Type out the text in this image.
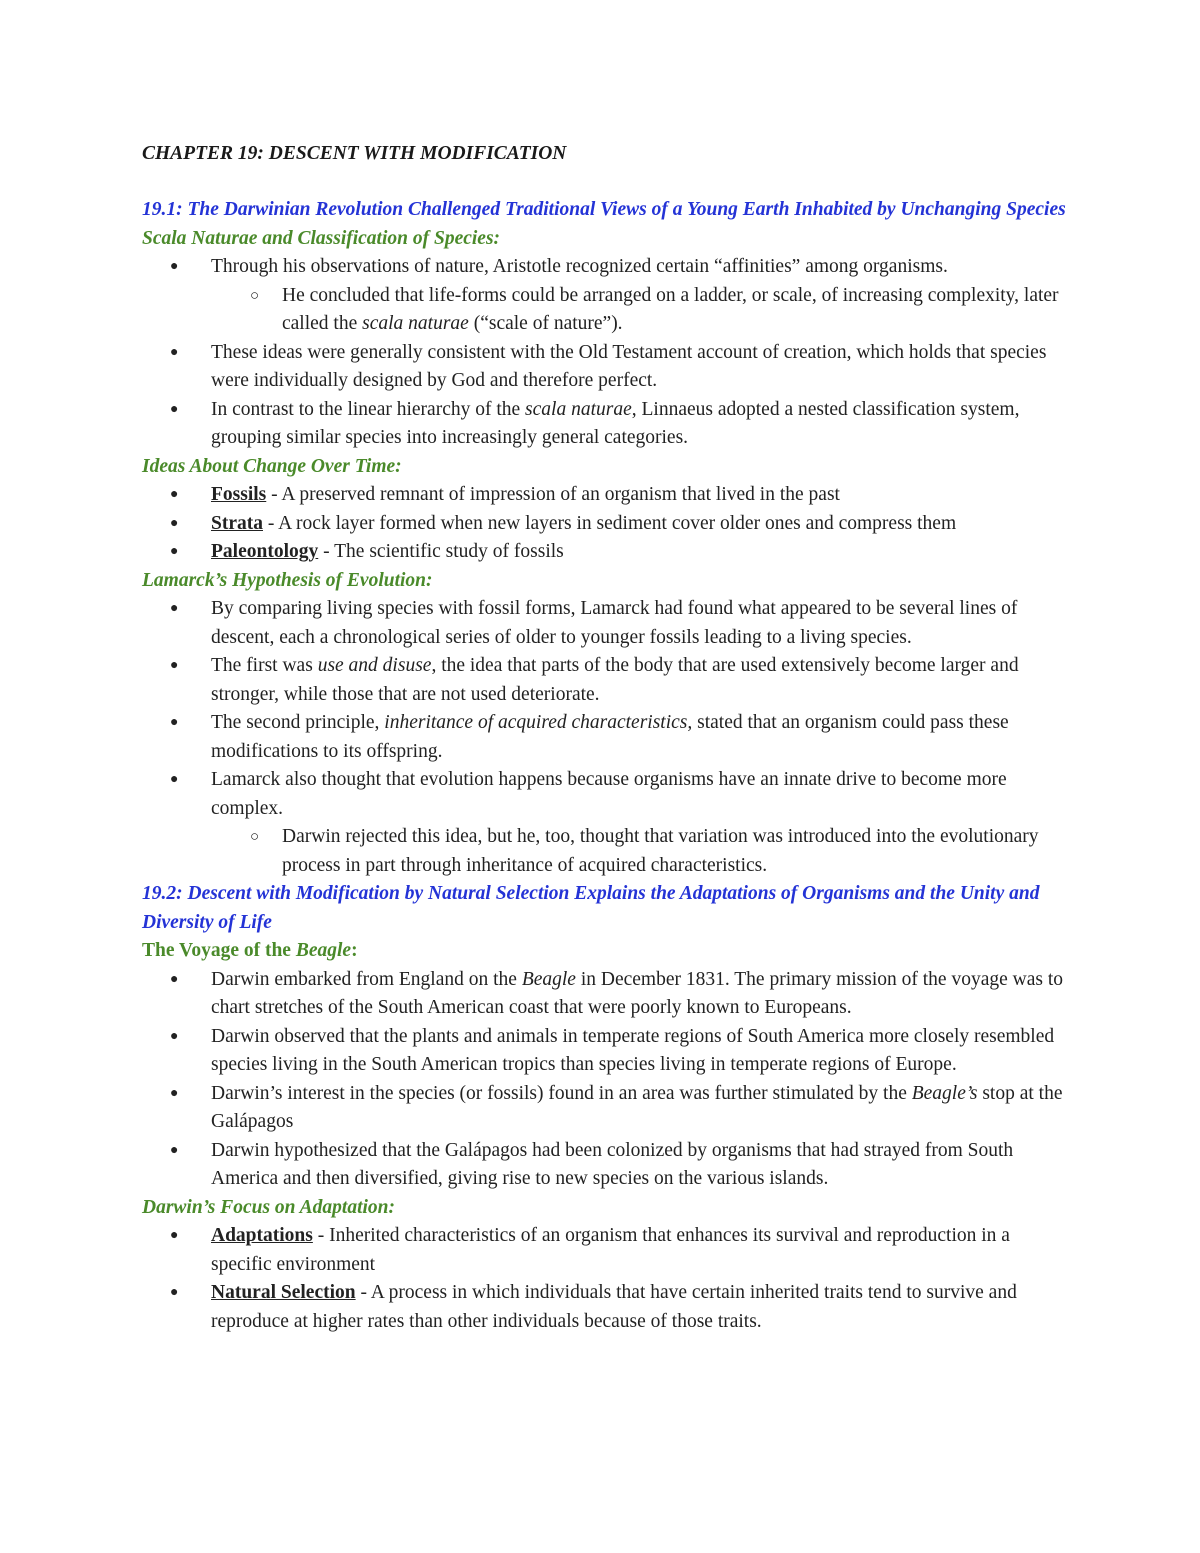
CHAPTER 19: DESCENT WITH MODIFICATION

19.1: The Darwinian Revolution Challenged Traditional Views of a Young Earth Inhabited by Unchanging Species

Scala Naturae and Classification of Species:

● Through his observations of nature, Aristotle recognized certain “affinities” among organisms.
○ He concluded that life-forms could be arranged on a ladder, or scale, of increasing complexity, later called the scala naturae (“scale of nature”).
● These ideas were generally consistent with the Old Testament account of creation, which holds that species were individually designed by God and therefore perfect.
● In contrast to the linear hierarchy of the scala naturae, Linnaeus adopted a nested classification system, grouping similar species into increasingly general categories.

Ideas About Change Over Time:

● Fossils - A preserved remnant of impression of an organism that lived in the past
● Strata - A rock layer formed when new layers in sediment cover older ones and compress them
● Paleontology - The scientific study of fossils

Lamarck’s Hypothesis of Evolution:

● By comparing living species with fossil forms, Lamarck had found what appeared to be several lines of descent, each a chronological series of older to younger fossils leading to a living species.
● The first was use and disuse, the idea that parts of the body that are used extensively become larger and stronger, while those that are not used deteriorate.
● The second principle, inheritance of acquired characteristics, stated that an organism could pass these modifications to its offspring.
● Lamarck also thought that evolution happens because organisms have an innate drive to become more complex.
○ Darwin rejected this idea, but he, too, thought that variation was introduced into the evolutionary process in part through inheritance of acquired characteristics.

19.2: Descent with Modification by Natural Selection Explains the Adaptations of Organisms and the Unity and Diversity of Life

The Voyage of the Beagle:

● Darwin embarked from England on the Beagle in December 1831. The primary mission of the voyage was to chart stretches of the South American coast that were poorly known to Europeans.
● Darwin observed that the plants and animals in temperate regions of South America more closely resembled species living in the South American tropics than species living in temperate regions of Europe.
● Darwin’s interest in the species (or fossils) found in an area was further stimulated by the Beagle’s stop at the Galápagos
● Darwin hypothesized that the Galápagos had been colonized by organisms that had strayed from South America and then diversified, giving rise to new species on the various islands.

Darwin’s Focus on Adaptation:

● Adaptations - Inherited characteristics of an organism that enhances its survival and reproduction in a specific environment
● Natural Selection - A process in which individuals that have certain inherited traits tend to survive and reproduce at higher rates than other individuals because of those traits.
